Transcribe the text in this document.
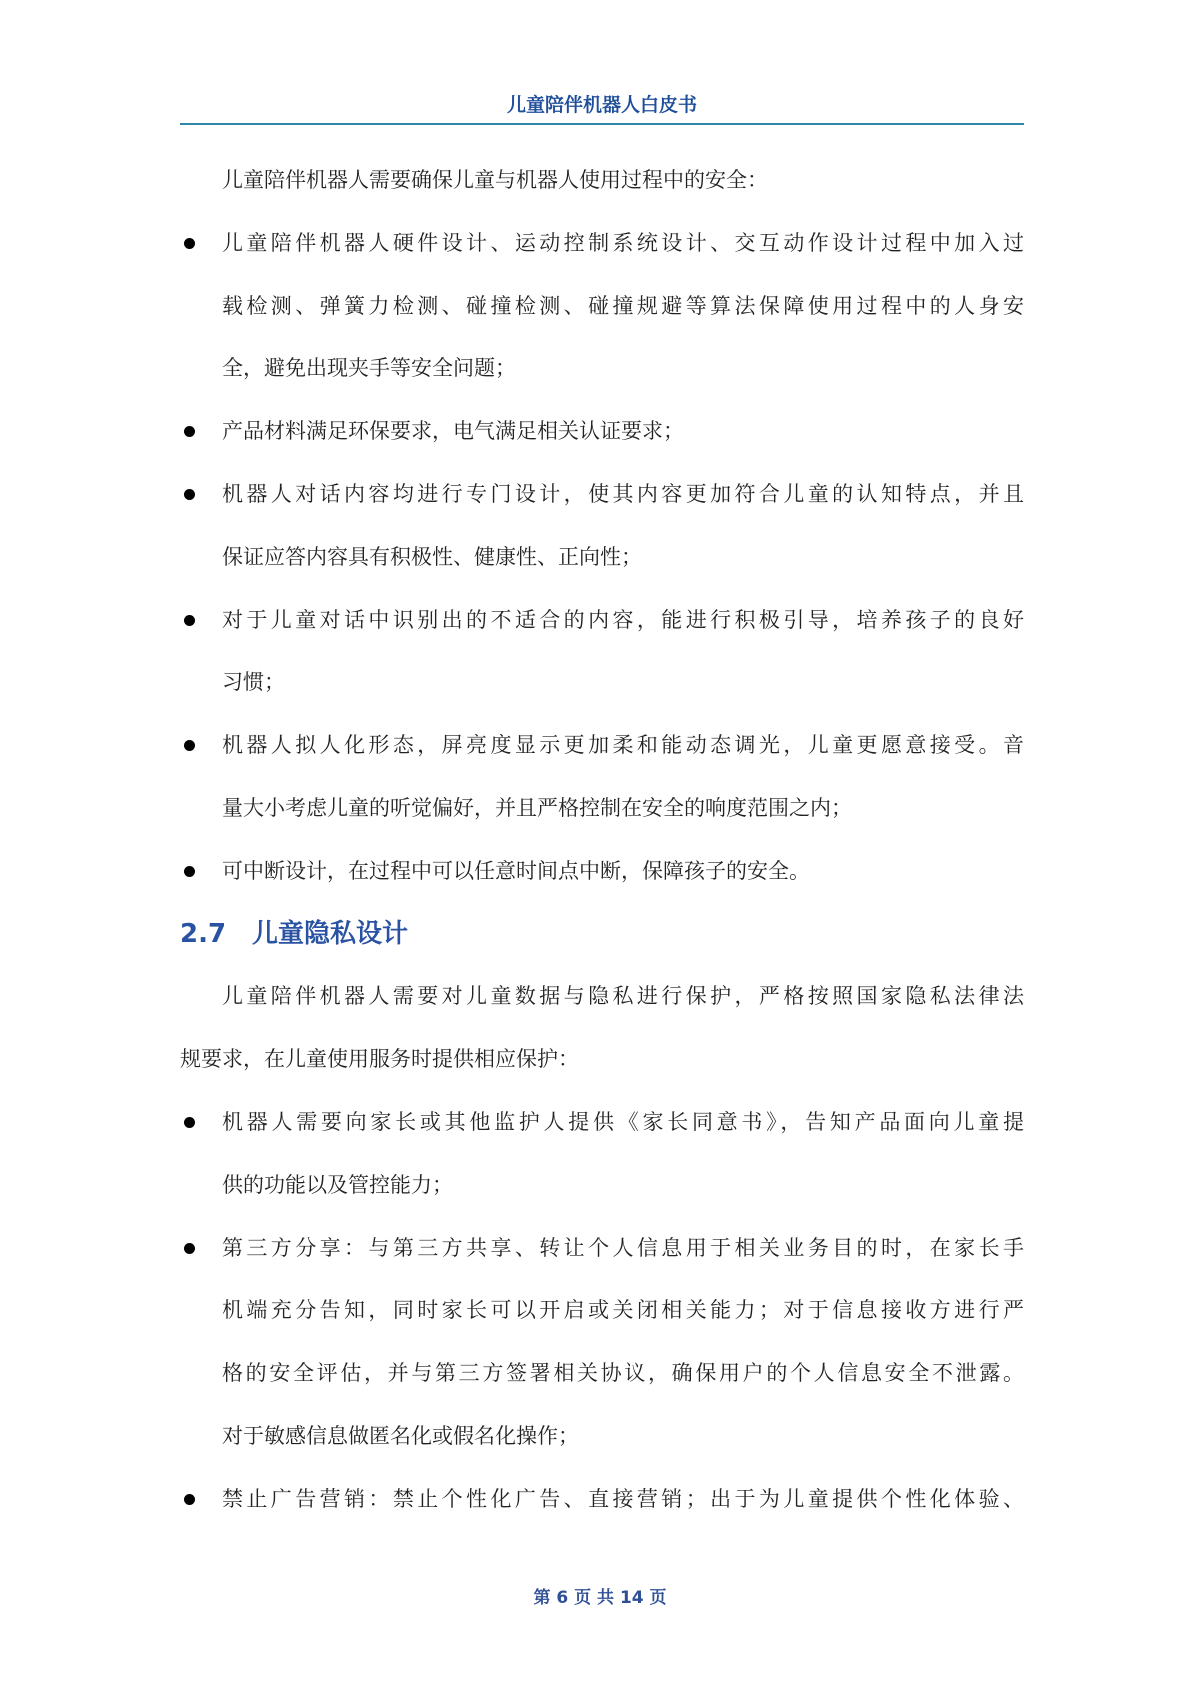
儿童陪伴机器人白皮书
儿童陪伴机器人需要确保儿童与机器人使用过程中的安全：
儿童陪伴机器人硬件设计、运动控制系统设计、交互动作设计过程中加入过
载检测、弹簧力检测、碰撞检测、碰撞规避等算法保障使用过程中的人身安
全，避免出现夹手等安全问题；
产品材料满足环保要求，电气满足相关认证要求；
机器人对话内容均进行专门设计，使其内容更加符合儿童的认知特点，并且
保证应答内容具有积极性、健康性、正向性；
对于儿童对话中识别出的不适合的内容，能进行积极引导，培养孩子的良好
习惯；
机器人拟人化形态，屏亮度显示更加柔和能动态调光，儿童更愿意接受。音
量大小考虑儿童的听觉偏好，并且严格控制在安全的响度范围之内；
可中断设计，在过程中可以任意时间点中断，保障孩子的安全。
2.7 儿童隐私设计
儿童陪伴机器人需要对儿童数据与隐私进行保护，严格按照国家隐私法律法
规要求，在儿童使用服务时提供相应保护：
机器人需要向家长或其他监护人提供《家长同意书》，告知产品面向儿童提
供的功能以及管控能力；
第三方分享：与第三方共享、转让个人信息用于相关业务目的时，在家长手
机端充分告知，同时家长可以开启或关闭相关能力；对于信息接收方进行严
格的安全评估，并与第三方签署相关协议，确保用户的个人信息安全不泄露。
对于敏感信息做匿名化或假名化操作；
禁止广告营销：禁止个性化广告、直接营销；出于为儿童提供个性化体验、
第 6 页 共 14 页
